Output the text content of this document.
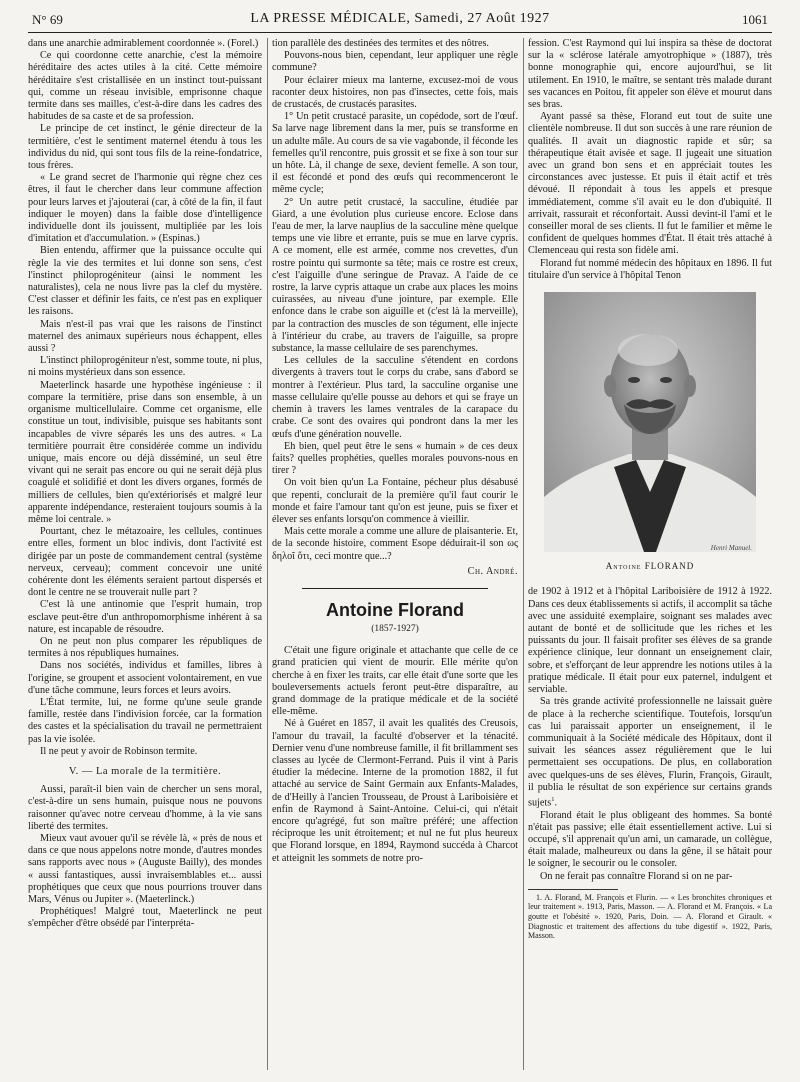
N° 69	LA PRESSE MÉDICALE, Samedi, 27 Août 1927	1061

dans une anarchie admirablement coordonnée ». (Forel.)

Ce qui coordonne cette anarchie, c'est la mémoire héréditaire des actes utiles à la cité. Cette mémoire héréditaire s'est cristallisée en un instinct tout-puissant qui, comme un réseau invisible, emprisonne chaque termite dans ses mailles, c'est-à-dire dans les cadres des habitudes de sa caste et de sa profession.

Le principe de cet instinct, le génie directeur de la termitière, c'est le sentiment maternel étendu à tous les individus du nid, qui sont tous fils de la reine-fondatrice, tous frères.

« Le grand secret de l'harmonie qui règne chez ces êtres, il faut le chercher dans leur commune affection pour leurs larves et j'ajouterai (car, à côté de la fin, il faut indiquer le moyen) dans la faible dose d'intelligence individuelle dont ils jouissent, multipliée par les lois d'imitation et d'accumulation. » (Espinas.)

Bien entendu, affirmer que la puissance occulte qui règle la vie des termites et lui donne son sens, c'est l'instinct philoprogéniteur (ainsi le nomment les naturalistes), cela ne nous livre pas la clef du mystère. C'est classer et définir les faits, ce n'est pas en expliquer les raisons.

Mais n'est-il pas vrai que les raisons de l'instinct maternel des animaux supérieurs nous échappent, elles aussi ?

L'instinct philoprogéniteur n'est, somme toute, ni plus, ni moins mystérieux dans son essence.

Maeterlinck hasarde une hypothèse ingénieuse : il compare la termitière, prise dans son ensemble, à un organisme multicellulaire. Comme cet organisme, elle constitue un tout, indivisible, puisque ses habitants sont incapables de vivre séparés les uns des autres. « La termitière pourrait être considérée comme un individu unique, mais encore ou déjà disséminé, un seul être vivant qui ne serait pas encore ou qui ne serait déjà plus coagulé et solidifié et dont les divers organes, formés de milliers de cellules, bien qu'extériorisés et malgré leur apparente indépendance, resteraient toujours soumis à la même loi centrale. »

Pourtant, chez le métazoaire, les cellules, continues entre elles, forment un bloc indivis, dont l'activité est dirigée par un poste de commandement central (système nerveux, cerveau); comment concevoir une unité cohérente dont les éléments seraient partout dispersés et dont le centre ne se trouverait nulle part ?

C'est là une antinomie que l'esprit humain, trop esclave peut-être d'un anthropomorphisme inhérent à sa nature, est incapable de résoudre.

On ne peut non plus comparer les républiques de termites à nos républiques humaines.

Dans nos sociétés, individus et familles, libres à l'origine, se groupent et associent volontairement, en vue d'une tâche commune, leurs forces et leurs avoirs.

L'État termite, lui, ne forme qu'une seule grande famille, restée dans l'indivision forcée, car la formation des castes et la spécialisation du travail ne permettraient pas la vie isolée.

Il ne peut y avoir de Robinson termite.

V. — La morale de la termitière.

Aussi, paraît-il bien vain de chercher un sens moral, c'est-à-dire un sens humain, puisque nous ne pouvons raisonner qu'avec notre cerveau d'homme, à la vie sans liberté des termites.

Mieux vaut avouer qu'il se révèle là, « près de nous et dans ce que nous appelons notre monde, d'autres mondes sans rapports avec nous » (Auguste Bailly), des mondes « aussi fantastiques, aussi invraisemblables et... aussi prophétiques que ceux que nous pourrions trouver dans Mars, Vénus ou Jupiter ». (Maeterlinck.)

Prophétiques! Malgré tout, Maeterlinck ne peut s'empêcher d'être obsédé par l'interpréta-

tion parallèle des destinées des termites et des nôtres.

Pouvons-nous bien, cependant, leur appliquer une règle commune?

Pour éclairer mieux ma lanterne, excusez-moi de vous raconter deux histoires, non pas d'insectes, cette fois, mais de crustacés, de crustacés parasites.

1° Un petit crustacé parasite, un copédode, sort de l'œuf. Sa larve nage librement dans la mer, puis se transforme en un adulte mâle. Au cours de sa vie vagabonde, il féconde les femelles qu'il rencontre, puis grossit et se fixe à son tour sur un hôte. Là, il change de sexe, devient femelle. A son tour, il est fécondé et pond des œufs qui recommenceront le même cycle;

2° Un autre petit crustacé, la sacculine, étudiée par Giard, a une évolution plus curieuse encore. Eclose dans l'eau de mer, la larve nauplius de la sacculine mène quelque temps une vie libre et errante, puis se mue en larve cypris. A ce moment, elle est armée, comme nos crevettes, d'un rostre pointu qui surmonte sa tête; mais ce rostre est creux, c'est l'aiguille d'une seringue de Pravaz. A l'aide de ce rostre, la larve cypris attaque un crabe aux places les moins cuirassées, au niveau d'une jointure, par exemple. Elle enfonce dans le crabe son aiguille et (c'est là la merveille), par la contraction des muscles de son tégument, elle injecte à l'intérieur du crabe, au travers de l'aiguille, sa propre substance, la masse cellulaire de ses parenchymes.

Les cellules de la sacculine s'étendent en cordons divergents à travers tout le corps du crabe, sans d'abord se montrer à l'extérieur. Plus tard, la sacculine organise une masse cellulaire qu'elle pousse au dehors et qui se fraye un chemin à travers les lames ventrales de la carapace du crabe. Ce sont des ovaires qui pondront dans la mer les œufs d'une génération nouvelle.

Eh bien, quel peut être le sens « humain » de ces deux faits? quelles prophéties, quelles morales pouvons-nous en tirer ?

On voit bien qu'un La Fontaine, pécheur plus désabusé que repenti, conclurait de la première qu'il faut courir le monde et faire l'amour tant qu'on est jeune, puis se fixer et élever ses enfants lorsqu'on commence à vieillir.

Mais cette morale a comme une allure de plaisanterie. Et, de la seconde histoire, comment Esope déduirait-il son ως δηλοῖ ὅτι, ceci montre que...?

Ch. André.

Antoine Florand

(1857-1927)

C'était une figure originale et attachante que celle de ce grand praticien qui vient de mourir. Elle mérite qu'on cherche à en fixer les traits, car elle était d'une sorte que les bouleversements actuels feront peut-être disparaître, au grand dommage de la pratique médicale et de la société elle-même.

Né à Guéret en 1857, il avait les qualités des Creusois, l'amour du travail, la faculté d'observer et la ténacité. Dernier venu d'une nombreuse famille, il fit brillamment ses classes au lycée de Clermont-Ferrand. Puis il vint à Paris étudier la médecine. Interne de la promotion 1882, il fut attaché au service de Saint Germain aux Enfants-Malades, de d'Heilly à l'ancien Trousseau, de Proust à Lariboisière et enfin de Raymond à Saint-Antoine. Celui-ci, qui n'était encore qu'agrégé, fut son maître préféré; une affection réciproque les unit étroitement; et nul ne fut plus heureux que Florand lorsque, en 1894, Raymond succéda à Charcot et atteignit les sommets de notre pro-

fession. C'est Raymond qui lui inspira sa thèse de doctorat sur la « sclérose latérale amyotrophique » (1887), très bonne monographie qui, encore aujourd'hui, se lit utilement. En 1910, le maître, se sentant très malade durant ses vacances en Poitou, fit appeler son élève et mourut dans ses bras.

Ayant passé sa thèse, Florand eut tout de suite une clientèle nombreuse. Il dut son succès à une rare réunion de qualités. Il avait un diagnostic rapide et sûr; sa thérapeutique était avisée et sage. Il jugeait une situation avec un grand bon sens et en appréciait toutes les circonstances avec justesse. Et puis il était actif et très dévoué. Il répondait à tous les appels et presque immédiatement, comme s'il avait eu le don d'ubiquité. Il arrivait, rassurait et réconfortait. Aussi devint-il l'ami et le conseiller moral de ses clients. Il fut le familier et même le confident de quelques hommes d'État. Il était très attaché à Clemenceau qui resta son fidèle ami.

Florand fut nommé médecin des hôpitaux en 1896. Il fut titulaire d'un service à l'hôpital Tenon

Henri Manuel.

Antoine FLORAND

de 1902 à 1912 et à l'hôpital Lariboisière de 1912 à 1922. Dans ces deux établissements si actifs, il accomplit sa tâche avec une assiduité exemplaire, soignant ses malades avec autant de bonté et de sollicitude que les riches et les puissants du jour. Il faisait profiter ses élèves de sa grande expérience clinique, leur donnant un enseignement clair, sobre, et s'efforçant de leur apprendre les notions utiles à la pratique médicale. Il était pour eux paternel, indulgent et serviable.

Sa très grande activité professionnelle ne laissait guère de place à la recherche scientifique. Toutefois, lorsqu'un cas lui paraissait apporter un enseignement, il le communiquait à la Société médicale des Hôpitaux, dont il suivait les séances assez régulièrement que le lui permettaient ses occupations. De plus, en collaboration avec quelques-uns de ses élèves, Flurin, François, Girault, il publia le résultat de son expérience sur certains grands sujets$^1$.

Florand était le plus obligeant des hommes. Sa bonté n'était pas passive; elle était essentiellement active. Lui si occupé, s'il apprenait qu'un ami, un camarade, un collègue, était malade, malheureux ou dans la gêne, il se hâtait pour le soigner, le secourir ou le consoler.

On ne ferait pas connaître Florand si on ne par-

1. A. Florand, M. François et Flurin. — « Les bronchites chroniques et leur traitement ». 1913, Paris, Masson. — A. Florand et M. François. « La goutte et l'obésité ». 1920, Paris, Doin. — A. Florand et Girault. « Diagnostic et traitement des affections du tube digestif ». 1922, Paris, Masson.
